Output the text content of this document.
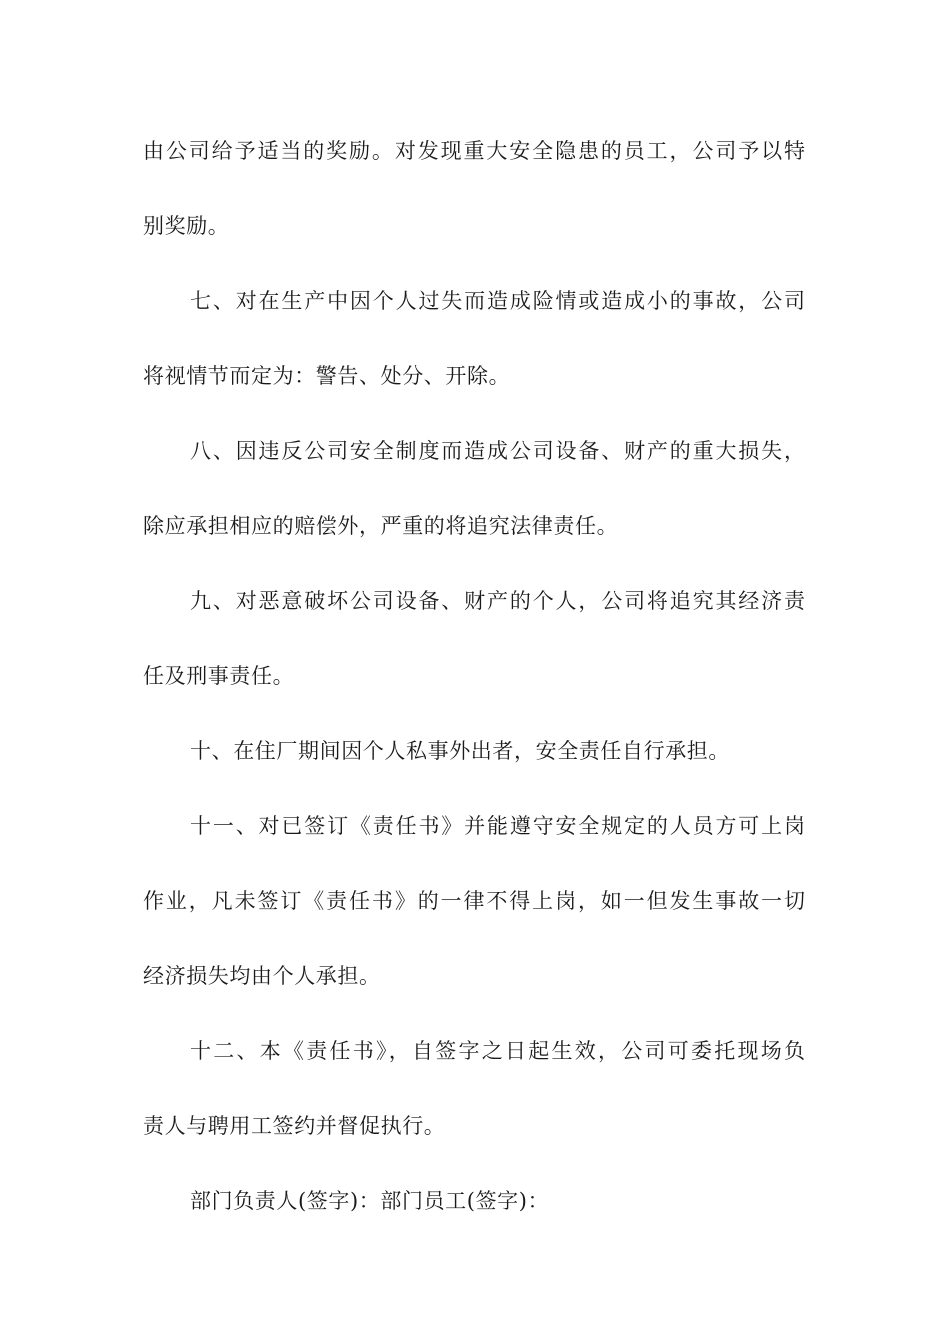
由公司给予适当的奖励。对发现重大安全隐患的员工，公司予以特

别奖励。

七、对在生产中因个人过失而造成险情或造成小的事故，公司

将视情节而定为：警告、处分、开除。

八、因违反公司安全制度而造成公司设备、财产的重大损失，

除应承担相应的赔偿外，严重的将追究法律责任。

九、对恶意破坏公司设备、财产的个人，公司将追究其经济责

任及刑事责任。

十、在住厂期间因个人私事外出者，安全责任自行承担。

十一、对已签订《责任书》并能遵守安全规定的人员方可上岗

作业，凡未签订《责任书》的一律不得上岗，如一但发生事故一切

经济损失均由个人承担。

十二、本《责任书》，自签字之日起生效，公司可委托现场负

责人与聘用工签约并督促执行。

部门负责人(签字)：部门员工(签字)：
